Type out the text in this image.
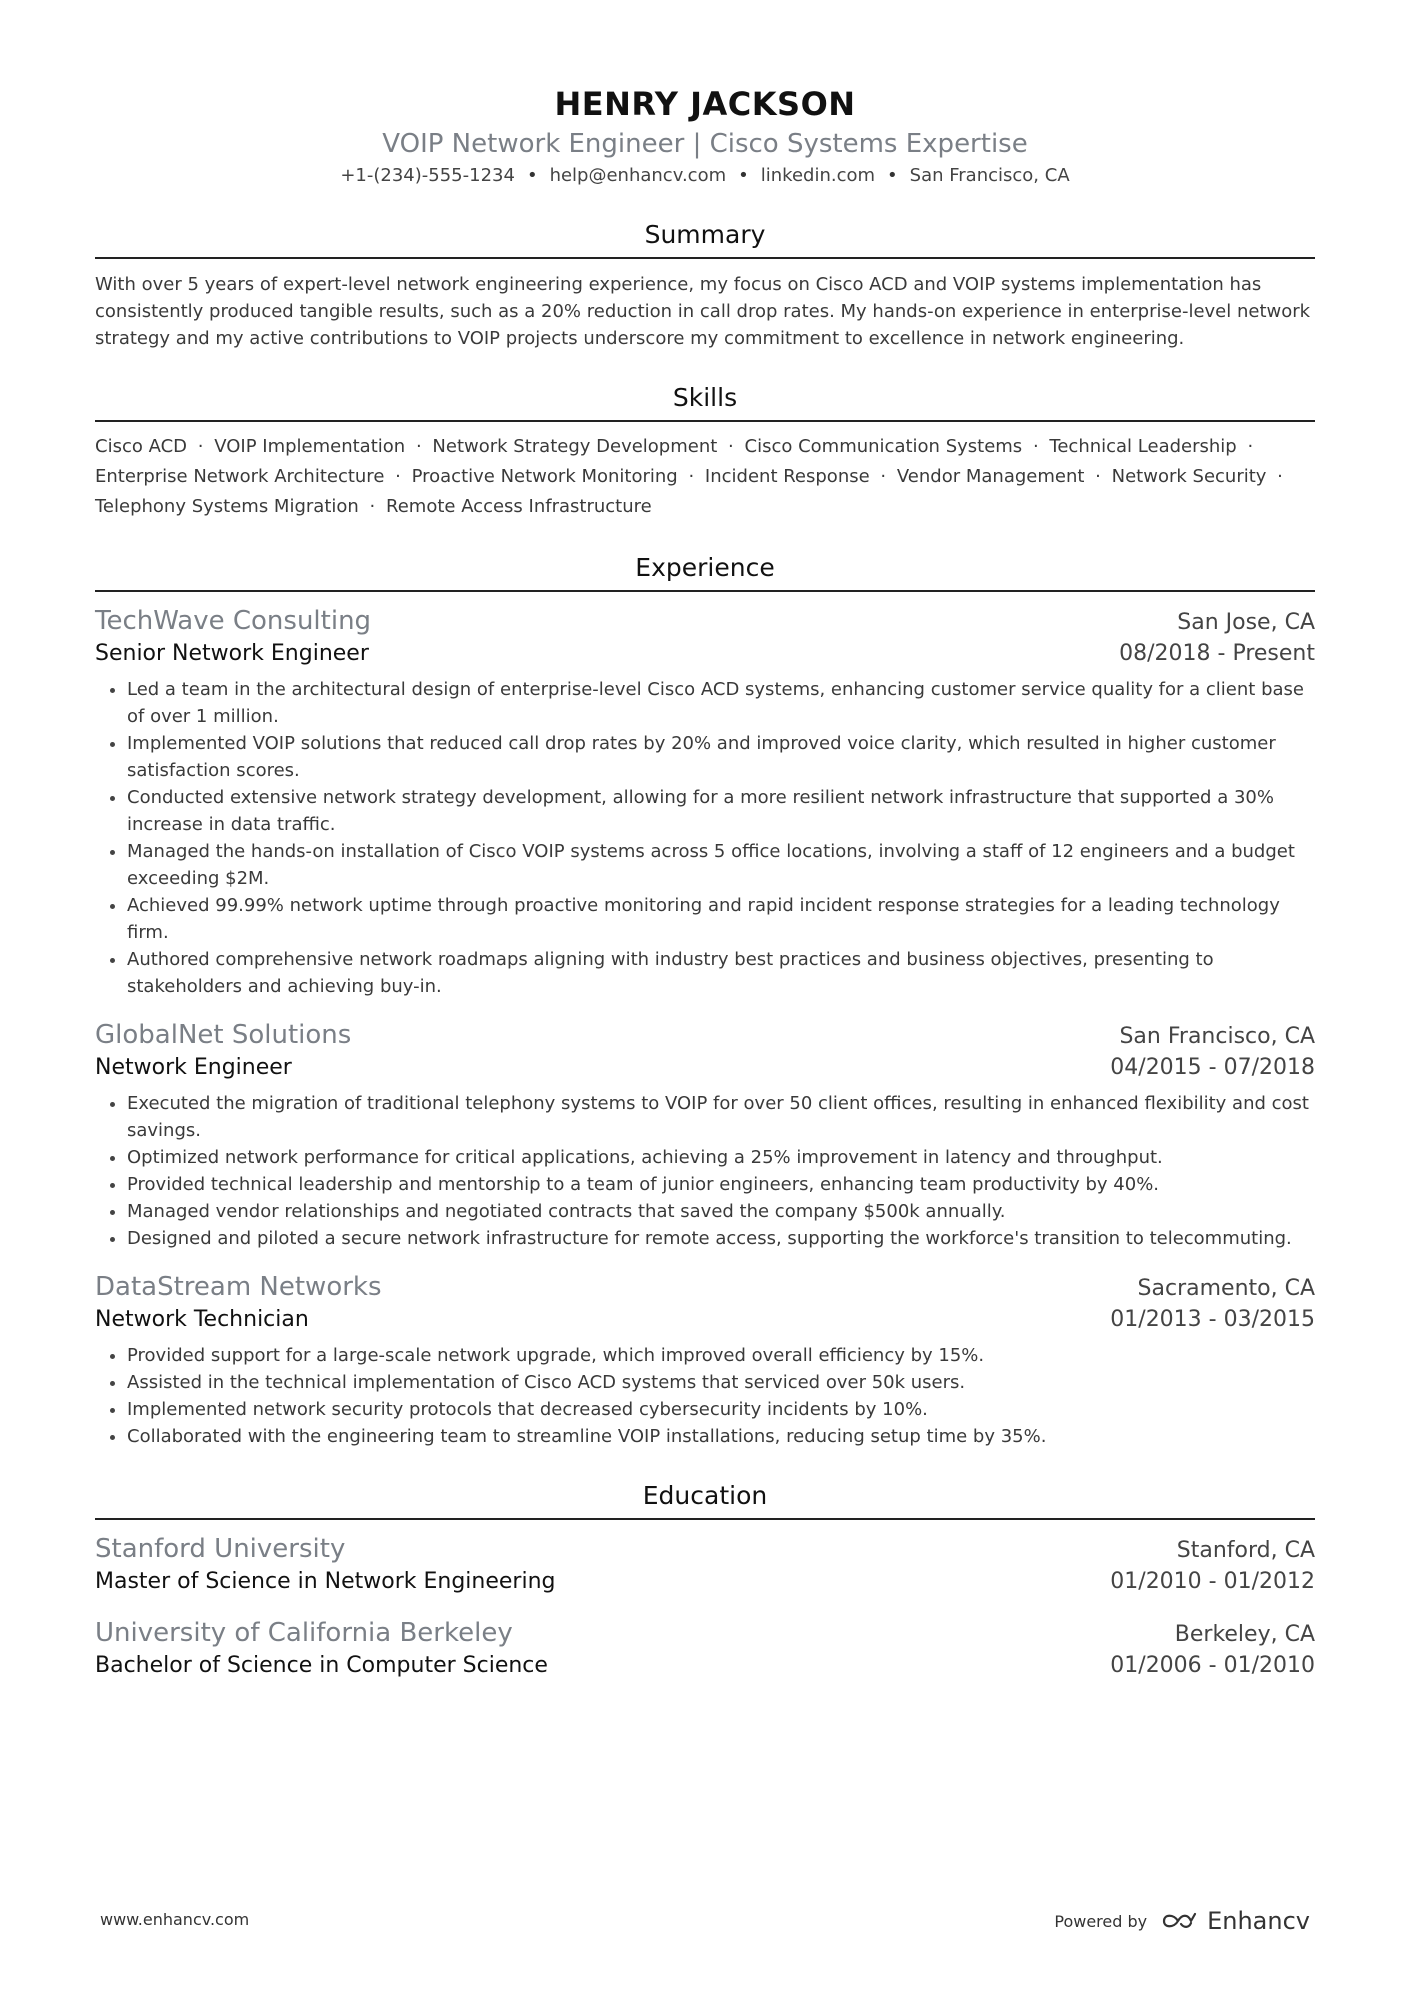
HENRY JACKSON
VOIP Network Engineer | Cisco Systems Expertise
+1-(234)-555-1234 • help@enhancv.com • linkedin.com • San Francisco, CA
Summary
With over 5 years of expert-level network engineering experience, my focus on Cisco ACD and VOIP systems implementation has consistently produced tangible results, such as a 20% reduction in call drop rates. My hands-on experience in enterprise-level network strategy and my active contributions to VOIP projects underscore my commitment to excellence in network engineering.
Skills
Cisco ACD · VOIP Implementation · Network Strategy Development · Cisco Communication Systems · Technical Leadership · Enterprise Network Architecture · Proactive Network Monitoring · Incident Response · Vendor Management · Network Security · Telephony Systems Migration · Remote Access Infrastructure
Experience
TechWave Consulting	San Jose, CA
Senior Network Engineer	08/2018 - Present
• Led a team in the architectural design of enterprise-level Cisco ACD systems, enhancing customer service quality for a client base of over 1 million.
• Implemented VOIP solutions that reduced call drop rates by 20% and improved voice clarity, which resulted in higher customer satisfaction scores.
• Conducted extensive network strategy development, allowing for a more resilient network infrastructure that supported a 30% increase in data traffic.
• Managed the hands-on installation of Cisco VOIP systems across 5 office locations, involving a staff of 12 engineers and a budget exceeding $2M.
• Achieved 99.99% network uptime through proactive monitoring and rapid incident response strategies for a leading technology firm.
• Authored comprehensive network roadmaps aligning with industry best practices and business objectives, presenting to stakeholders and achieving buy-in.
GlobalNet Solutions	San Francisco, CA
Network Engineer	04/2015 - 07/2018
• Executed the migration of traditional telephony systems to VOIP for over 50 client offices, resulting in enhanced flexibility and cost savings.
• Optimized network performance for critical applications, achieving a 25% improvement in latency and throughput.
• Provided technical leadership and mentorship to a team of junior engineers, enhancing team productivity by 40%.
• Managed vendor relationships and negotiated contracts that saved the company $500k annually.
• Designed and piloted a secure network infrastructure for remote access, supporting the workforce's transition to telecommuting.
DataStream Networks	Sacramento, CA
Network Technician	01/2013 - 03/2015
• Provided support for a large-scale network upgrade, which improved overall efficiency by 15%.
• Assisted in the technical implementation of Cisco ACD systems that serviced over 50k users.
• Implemented network security protocols that decreased cybersecurity incidents by 10%.
• Collaborated with the engineering team to streamline VOIP installations, reducing setup time by 35%.
Education
Stanford University	Stanford, CA
Master of Science in Network Engineering	01/2010 - 01/2012
University of California Berkeley	Berkeley, CA
Bachelor of Science in Computer Science	01/2006 - 01/2010
www.enhancv.com	Powered by	Enhancv
